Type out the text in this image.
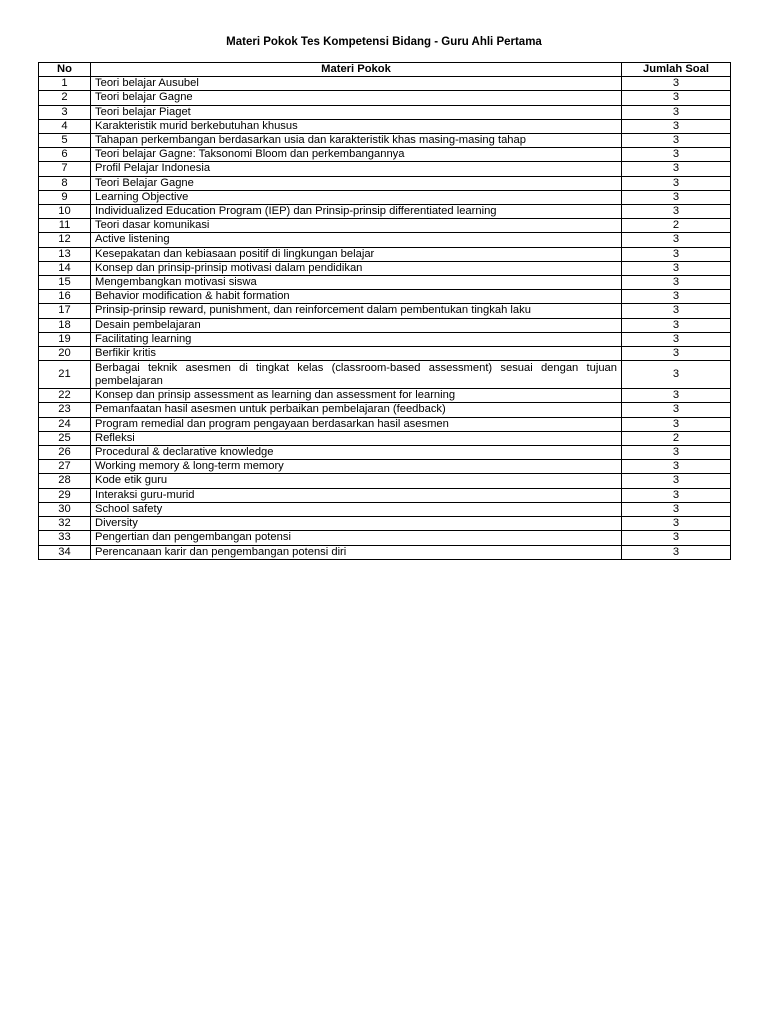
Materi Pokok Tes Kompetensi Bidang - Guru Ahli Pertama
No	Materi Pokok	Jumlah Soal
1	Teori belajar Ausubel	3
2	Teori belajar Gagne	3
3	Teori belajar Piaget	3
4	Karakteristik murid berkebutuhan khusus	3
5	Tahapan perkembangan berdasarkan usia dan karakteristik khas masing-masing tahap	3
6	Teori belajar Gagne: Taksonomi Bloom dan perkembangannya	3
7	Profil Pelajar Indonesia	3
8	Teori Belajar Gagne	3
9	Learning Objective	3
10	Individualized Education Program (IEP) dan Prinsip-prinsip differentiated learning	3
11	Teori dasar komunikasi	2
12	Active listening	3
13	Kesepakatan dan kebiasaan positif di lingkungan belajar	3
14	Konsep dan prinsip-prinsip motivasi dalam pendidikan	3
15	Mengembangkan motivasi siswa	3
16	Behavior modification & habit formation	3
17	Prinsip-prinsip reward, punishment, dan reinforcement dalam pembentukan tingkah laku	3
18	Desain pembelajaran	3
19	Facilitating learning	3
20	Berfikir kritis	3
21	Berbagai teknik asesmen di tingkat kelas (classroom-based assessment) sesuai dengan tujuan pembelajaran	3
22	Konsep dan prinsip assessment as learning dan assessment for learning	3
23	Pemanfaatan hasil asesmen untuk perbaikan pembelajaran (feedback)	3
24	Program remedial dan program pengayaan berdasarkan hasil asesmen	3
25	Refleksi	2
26	Procedural & declarative knowledge	3
27	Working memory & long-term memory	3
28	Kode etik guru	3
29	Interaksi guru-murid	3
30	School safety	3
32	Diversity	3
33	Pengertian dan pengembangan potensi	3
34	Perencanaan karir dan pengembangan potensi diri	3
